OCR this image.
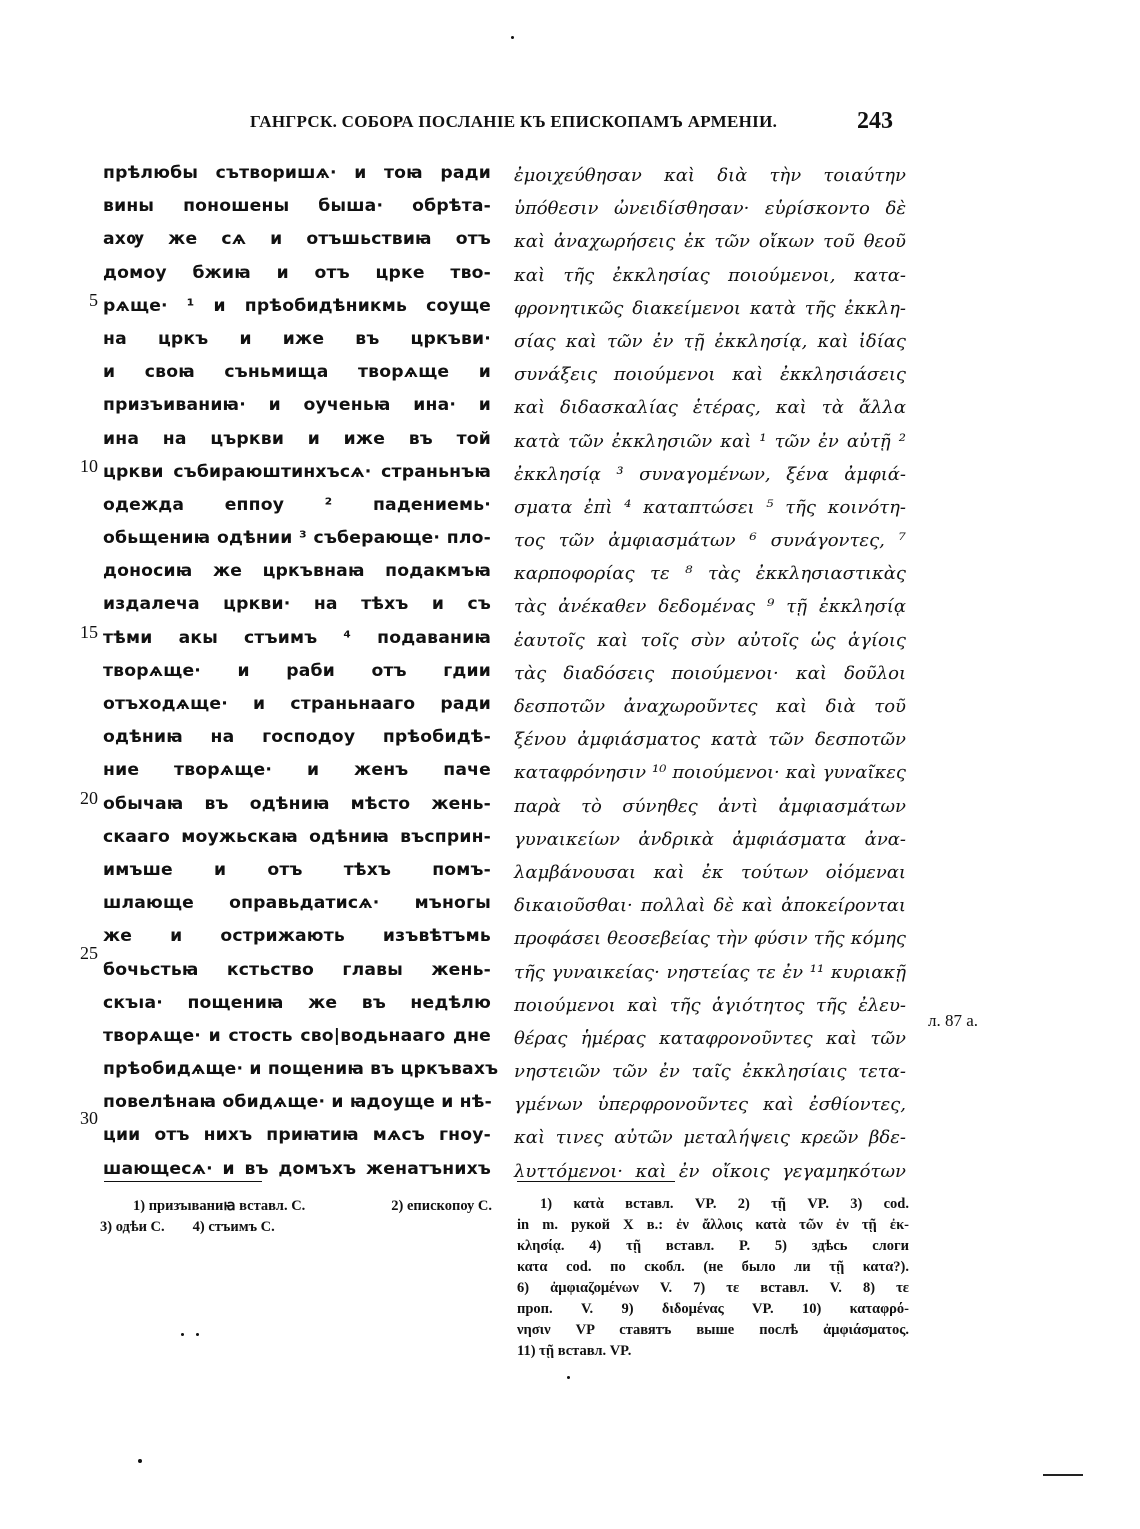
ГАНГРСК. СОБОРА ПОСЛАНІЕ КЪ ЕПИСКОПАМЪ АРМЕНІИ.	243
5
10
15
20
25
30
прѣлюбы сътворишѧ· и тоꙗ ради
вины поношены быша· обрѣта-
ахѹ же сѧ и отъшьствиꙗ отъ
домоу бжиꙗ и отъ црке тво-
рѧще· ¹ и прѣобидѣникмь соуще
на цркъ и иже въ цркъви·
и своꙗ съньмища творѧще и
призъиваниꙗ· и оученьꙗ ина· и
ина на църкви и иже въ той
цркви събираюштинхъсѧ· страньнъꙗ одежда еппоу ² падениемь·
обьщениꙗ одѣнии ³ съберающе· пло-
доносиꙗ же цркъвнаꙗ подакмъꙗ
издалеча цркви· на тѣхъ и съ
тѣми акы стъимъ ⁴ подаваниꙗ
творѧще· и раби отъ гдии
отъходѧще· и страньнааго ради
одѣниꙗ на господоу прѣобидѣ-
ние творѧще· и женъ паче
обычаꙗ въ одѣниꙗ мѣсто жень-
скааго моужьскаꙗ одѣниꙗ въсприн-
имъше и отъ тѣхъ помъ-
шлающе оправьдатисѧ· мъногы
же и острижають изъвѣтъмь
бочьстьꙗ кстьство главы жень-
скъıа· пощениꙗ же въ недѣлю
творѧще· и стость сво|водьнааго дне
прѣобидѧще· и пощениꙗ въ цркъвахъ
повелѣнаꙗ обидѧще· и ꙗдоуще и нѣ-
ции отъ нихъ приꙗтиꙗ мѧсъ гноу-
шающесѧ· и въ домъхъ женатънихъ
ἐμοιχεύθησαν καὶ διὰ τὴν τοιαύτην
ὑπόθεσιν ὠνειδίσθησαν· εὑρίσκοντο δὲ
καὶ ἀναχωρήσεις ἐκ τῶν οἴκων τοῦ θεοῦ
καὶ τῆς ἐκκλησίας ποιούμενοι, κατα-
φρονητικῶς διακείμενοι κατὰ τῆς ἐκκλη-
σίας καὶ τῶν ἐν τῇ ἐκκλησίᾳ, καὶ ἰδίας
συνάξεις ποιούμενοι καὶ ἐκκλησιάσεις
καὶ διδασκαλίας ἑτέρας, καὶ τὰ ἄλλα
κατὰ τῶν ἐκκλησιῶν καὶ ¹ τῶν ἐν αὐτῇ ²
ἐκκλησίᾳ ³ συναγομένων, ξένα ἀμφιά-
σματα ἐπὶ ⁴ καταπτώσει ⁵ τῆς κοινότη-
τος τῶν ἀμφιασμάτων ⁶ συνάγοντες, ⁷
καρποφορίας τε ⁸ τὰς ἐκκλησιαστικὰς
τὰς ἀνέκαθεν δεδομένας ⁹ τῇ ἐκκλησίᾳ
ἑαυτοῖς καὶ τοῖς σὺν αὐτοῖς ὡς ἁγίοις
τὰς διαδόσεις ποιούμενοι· καὶ δοῦλοι
δεσποτῶν ἀναχωροῦντες καὶ διὰ τοῦ
ξένου ἀμφιάσματος κατὰ τῶν δεσποτῶν
καταφρόνησιν ¹⁰ ποιούμενοι· καὶ γυναῖκες
παρὰ τὸ σύνηθες ἀντὶ ἀμφιασμάτων
γυναικείων ἀνδρικὰ ἀμφιάσματα ἀνα-
λαμβάνουσαι καὶ ἐκ τούτων οἰόμεναι
δικαιοῦσθαι· πολλαὶ δὲ καὶ ἀποκείρονται
προφάσει θεοσεβείας τὴν φύσιν τῆς κόμης
τῆς γυναικείας· νηστείας τε ἐν ¹¹ κυριακῇ
ποιούμενοι καὶ τῆς ἁγιότητος τῆς ἐλευ-
θέρας ἡμέρας καταφρονοῦντες καὶ τῶν
νηστειῶν τῶν ἐν ταῖς ἐκκλησίαις τετα-
γμένων ὑπερφρονοῦντες καὶ ἐσθίοντες,
καὶ τινες αὐτῶν μεταλήψεις κρεῶν βδε-
λυττόμενοι· καὶ ἐν οἴκοις γεγαμηκότων
л. 87 а.
1) призъıваниꙗ вставл. С.	2) епископоу С.
3) одѣи С. 4) стъимъ С.
1) κατὰ вставл. VP. 2) τῇ VP. 3) cod.
in m. рукой X в.: ἐν ἄλλοις κατὰ τῶν ἐν τῇ ἐκ-
κλησίᾳ. 4) τῇ вставл. P. 5) здѣсь слоги
κατα cod. по скобл. (не было ли τῇ κατα?).
6) ἀμφιαζομένων V. 7) τε вставл. V. 8) τε
проп. V. 9) διδομένας VP. 10) καταφρό-
νησιν VP ставятъ выше послѣ ἀμφιάσματος.
11) τῇ вставл. VP.
